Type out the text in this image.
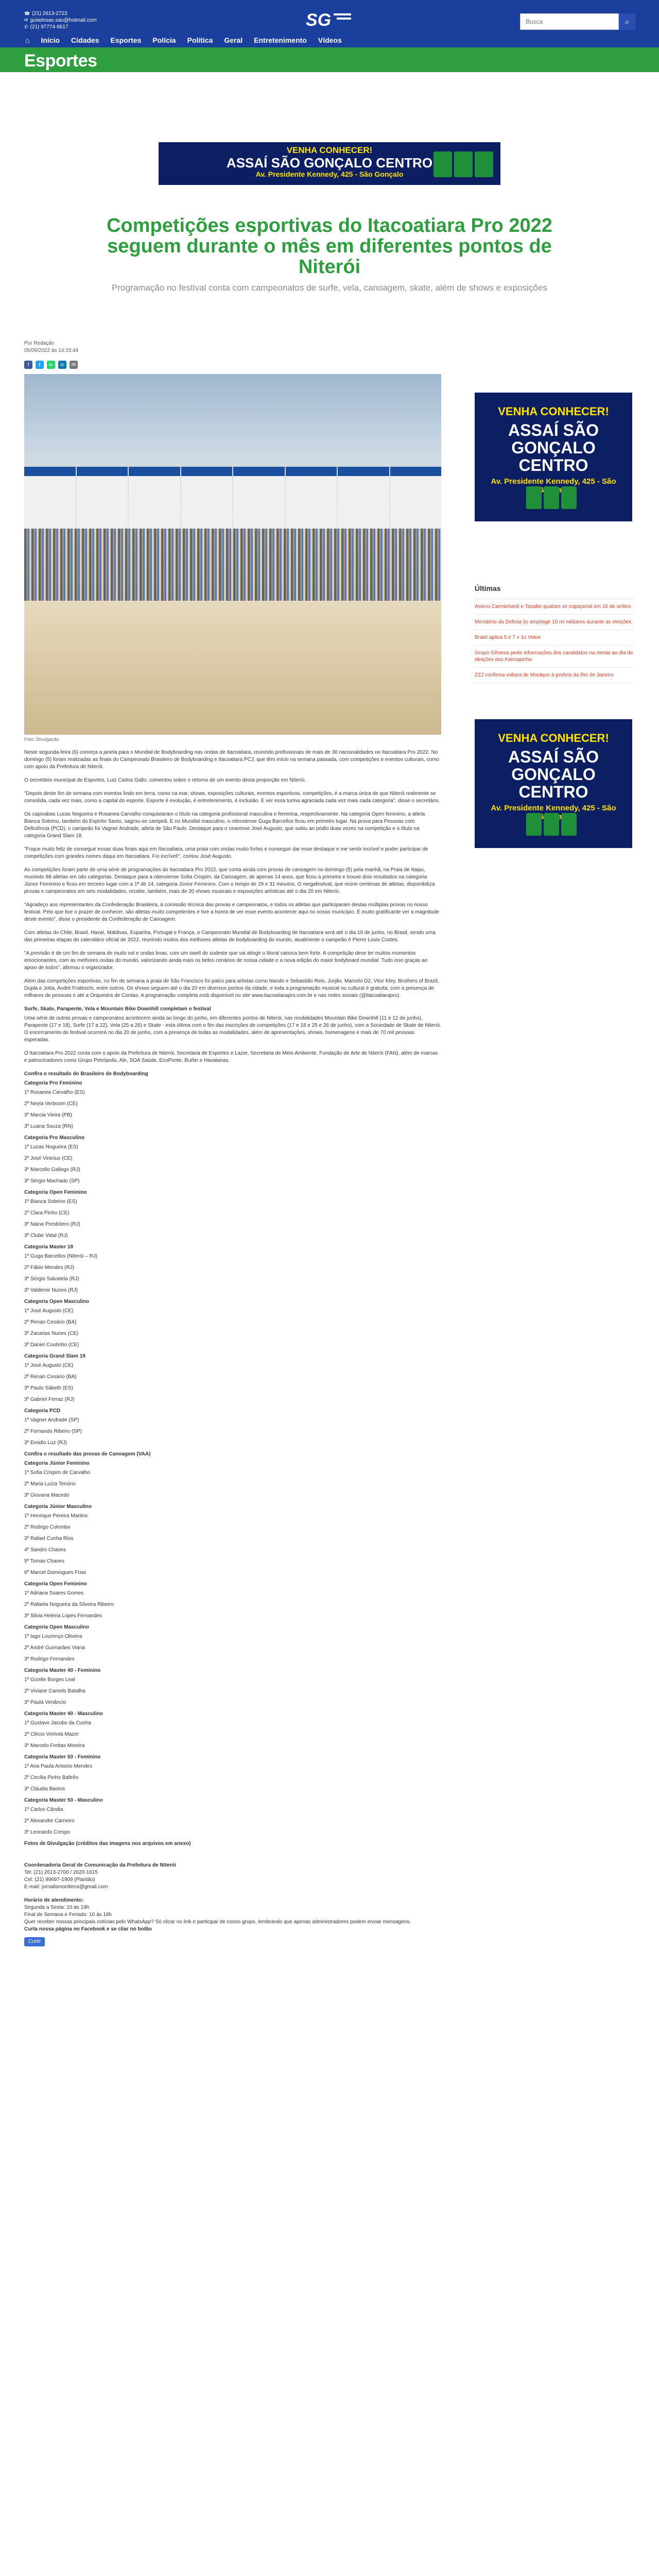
☎ (21) 2613-2723
✉ guiadosao.sao@hotmail.com
✆ (21) 97774-6617	SG
Busca	⌕
⌂ Início Cidades Esportes Polícia Política Geral Entretenimento Vídeos
Esportes
VENHA CONHECER!
ASSAÍ SÃO GONÇALO CENTRO
Av. Presidente Kennedy, 425 - São Gonçalo
Competições esportivas do Itacoatiara Pro 2022 seguem durante o mês em diferentes pontos de Niterói

Programação no festival conta com campeonatos de surfe, vela, canoagem, skate, além de shows e exposições

Por Redação
05/06/2022 às 14:15:44
f	t	w	in	✉
Foto: Divulgação

Neste segunda-feira (6) começa a janela para o Mundial de Bodyboarding nas ondas de Itacoatiara, reunindo profissionais de mais de 30 nacionalidades no Itacoatiara Pro 2022. No domingo (5) foram realizadas as finais do Campeonato Brasileiro de Bodyboarding e Itacoatiara PCJ, que têm início na semana passada, com competições e eventos culturais, como com apoio da Prefeitura de Niterói.

O secretário municipal de Esportes, Luiz Carlos Gallo, comentou sobre o retorno de um evento desta proporção em Niterói.

"Depois deste fim de semana com eventos lindo em terra, como na mar, shows, exposições culturais, eventos esportivos, competições, é a marca única de que Niterói realmente se consolida, cada vez mais, como a capital do esporte. Esporte é evolução, é entretenimento, é inclusão. E ver essa turma agraciada cada vez mais cada categoria", disse o secretário.

Os capixabas Lucas Nogueira e Rosanea Carvalho conquistaram o título na categoria profissional masculina e feminina, respectivamente. Na categoria Open feminino, a atleta Bianca Sobrino, também do Espírito Santo, sagrou-se campeã. E no Mundial masculino, o niteroiense Guga Barcellos ficou em primeiro lugar. Na prova para Pessoas com Deficiência (PCD), o campeão foi Vagner Andrade, atleta de São Paulo. Destaque para o cearense José Augusto, que subiu ao pódio duas vezes na competição e o título na categoria Grand Slam 18.

"Foque muito feliz de conseguir essas duas finais aqui em Itacoatiara, uma praia com ondas muito fortes e conseguir dar esse destaque e me sentir incrível e poder participar de competições com grandes nomes daqui em Itacoatiara. Foi incrível!", contou José Augusto.

As competições foram parte de uma série de programações do Itacoatiara Pro 2022, que conta ainda com provas de canoagem no domingo (5) pela manhã, na Praia de Itaipu, reunindo 88 atletas em oito categorias. Destaque para a niteroiense Sofia Crispim, da Canoagem, de apenas 14 anos, que ficou a primeira e trouxe dois resultados na categoria Júnior Feminino e ficou em terceiro lugar com a 1ª de 14, categoria Júnior Feminino. Com o tempo de 29 e 31 minutos. O megafestival, que reúne centenas de atletas, disponibiliza provas e campeonatos em seis modalidades, recebe, também, mais de 20 shows musicais e exposições artísticas até o dia 20 em Niterói.

"Agradeço aos representantes da Confederação Brasileira, à comissão técnica das provas e campeonatos, e todos os atletas que participaram destas múltiplas provas no nosso festival. Pelo que tive o prazer de conhecer, são atletas muito competentes e tive a honra de ver esse evento acontecer aqui no nosso município. É muito gratificante ver a magnitude deste evento", disse o presidente da Confederação de Canoagem.

Com atletas do Chile, Brasil, Havaí, Maldivas, Espanha, Portugal e França, o Campeonato Mundial de Bodyboarding de Itacoatiara será até o dia 10 de junho, no Brasil, sendo uma das primeiras etapas do calendário oficial de 2022, reunindo muitos dos melhores atletas de bodyboarding do mundo, atualmente o campeão é Pierre Louis Costes.

"A previsão é de um fim de semana de muito sol e ondas boas, com um swell do sudeste que vai atingir o litoral carioca bem forte. A competição deve ter muitos momentos emocionantes, com as melhores ondas do mundo, valorizando ainda mais os belos cenários de nossa cidade e a nova edição do maior bodyboard mundial. Tudo isso graças ao apoio de todos", afirmou o organizador.

Além das competições esportivas, no fim de semana a praia de São Francisco foi palco para artistas como Nando e Sebastião Reis, Jorjão, Marcelo D2, Vitor Kley, Brothers of Brazil, Dupla e Jotta, André Frateschi, entre outros. Os shows seguem até o dia 20 em diversos pontos da cidade, e toda a programação musical ou cultural é gratuita, com a presença de milhares de pessoas e até a Orquestra de Cordas. A programação completa está disponível no site www.itacoatiarapro.com.br e nas redes sociais (@itacoatiarapro).

Surfe, Skate, Parapente, Vela e Mountain Bike Downhill completam o festival

Uma série de outras provas e campeonatos acontecem ainda ao longo do junho, em diferentes pontos de Niterói, nas modalidades Mountain Bike Downhill (11 e 12 de junho), Parapente (17 e 18), Surfe (17 a 22), Vela (25 a 26) e Skate - esta última com o fim das inscrições de competições (17 e 18 e 25 e 26 de junho), com a Sociedade de Skate de Niterói. O encerramento do festival ocorrerá no dia 20 de junho, com a presença de todas as modalidades, além de apresentações, shows, homenagens e mais de 70 mil pessoas esperadas.

O Itacoatiara Pro 2022 conta com o apoio da Prefeitura de Niterói, Secretaria de Esportes e Lazer, Secretaria de Meio Ambiente, Fundação de Arte de Niterói (FAN), além de marcas e patrocinadores como Grupo Petrópolis, Ale, SOA Saúde, EcoPonte, Burbn e Havaianas.

Confira o resultado do Brasileiro de Bodyboarding

Categoria Pro Feminino

1º Rosanea Carvalho (ES)

2º Neyla Verboom (CE)

3º Marcia Vieira (PB)

3º Luana Souza (RN)

Categoria Pro Masculino

1º Lucas Nogueira (ES)

2º José Vinicius (CE)

3º Marcello Gallego (RJ)

3º Sérgio Machado (SP)

Categoria Open Feminino

1º Bianca Sobrino (ES)

2º Clara Pinho (CE)

3º Naina Presbítero (RJ)

3º Clube Vidal (RJ)

Categoria Master 18

1º Guga Barcellos (Niterói – RJ)

2º Fábio Mendes (RJ)

3º Sérgio Salvatela (RJ)

3º Valdemir Nunes (RJ)

Categoria Open Masculino

1º José Augusto (CE)

2º Renan Cesário (BA)

3º Zacarias Nunes (CE)

3º Daniel Coutinho (CE)

Categoria Grand Slam 18

1º José Augusto (CE)

2º Renan Cesário (BA)

3º Paulo Sábeth (ES)

3º Gabriel Ferraz (RJ)

Categoria PCD

1º Vagner Andrade (SP)

2º Fernando Ribeiro (SP)

3º Emidio Luz (RJ)

Confira o resultado das provas de Canoagem (VAA)

Categoria Júnior Feminino

1º Sofia Crispim de Carvalho

2º Maria Luíza Tenório

3º Giovana Macedo

Categoria Júnior Masculino

1º Henrique Pereira Martins

2º Rodrigo Colombo

3º Rafael Cunha Rios

4º Sandro Chaves

5º Tomas Chaves

6º Marcel Domingues Frias

Categoria Open Feminino

1º Adriana Soares Gomes

2º Rafaela Nogueira da Silveira Ribeiro

3º Silvia Helena Lopes Fernandes

Categoria Open Masculino

1º Iago Lourenço Oliveira

2º André Guimarães Viana

3º Rodrigo Fernandes

Categoria Master 40 - Feminino

1º Gizelle Borges Leal

2º Viviane Camelo Batalha

3º Paula Venâncio

Categoria Master 40 - Masculino

1º Gustavo Jacobs da Cunha

2º Clécio Vinhola Mazer

3º Marcelo Freitas Moreira

Categoria Master 50 - Feminino

1º Ana Paula Antonio Mendes

2º Cecília Pinho Baltrêo

3º Cláudia Bastos

Categoria Master 50 - Masculino

1º Carlos Cândia

2º Alexandre Carneiro

3º Leonardo Crespo

Fotos de Divulgação (créditos das imagens nos arquivos em anexo)

Coordenadoria Geral de Comunicação da Prefeitura de Niterói
Tel: (21) 2613-2700 / 2620-1615
Cel: (21) 99697-1909 (Plantão)
E-mail: jornalismoniteroi@gmail.com
Horário de atendimento:
Segunda a Sexta: 10 às 19h
Final de Semana e Feriado: 10 às 16h
Quer receber nossas principais notícias pelo WhatsApp? Só clicar no link e participar de nosso grupo, lembrando que apenas administradores podem enviar mensagens.
Curta nossa página no Facebook e se cliar no botão
Curtir
VENHA CONHECER!
ASSAÍ SÃO GONÇALO CENTRO
Av. Presidente Kennedy, 425 - São
Últimas
Assino Carminhanti e Taoabe quatam se espaçonal em 16 de setbro
Ministério da Defesa ljo ampliage 10 mi militares durante as eleições
Brasil aplica 5 e 7 x 1o Votos
Grupo Gênesis pede informações dos candidatos na mesta ao dia de eleições dos Kalmapinho
ZZJ confirma voltara de Monique à profeta da Rio de Janeiro
VENHA CONHECER!
ASSAÍ SÃO GONÇALO CENTRO
Av. Presidente Kennedy, 425 - São
